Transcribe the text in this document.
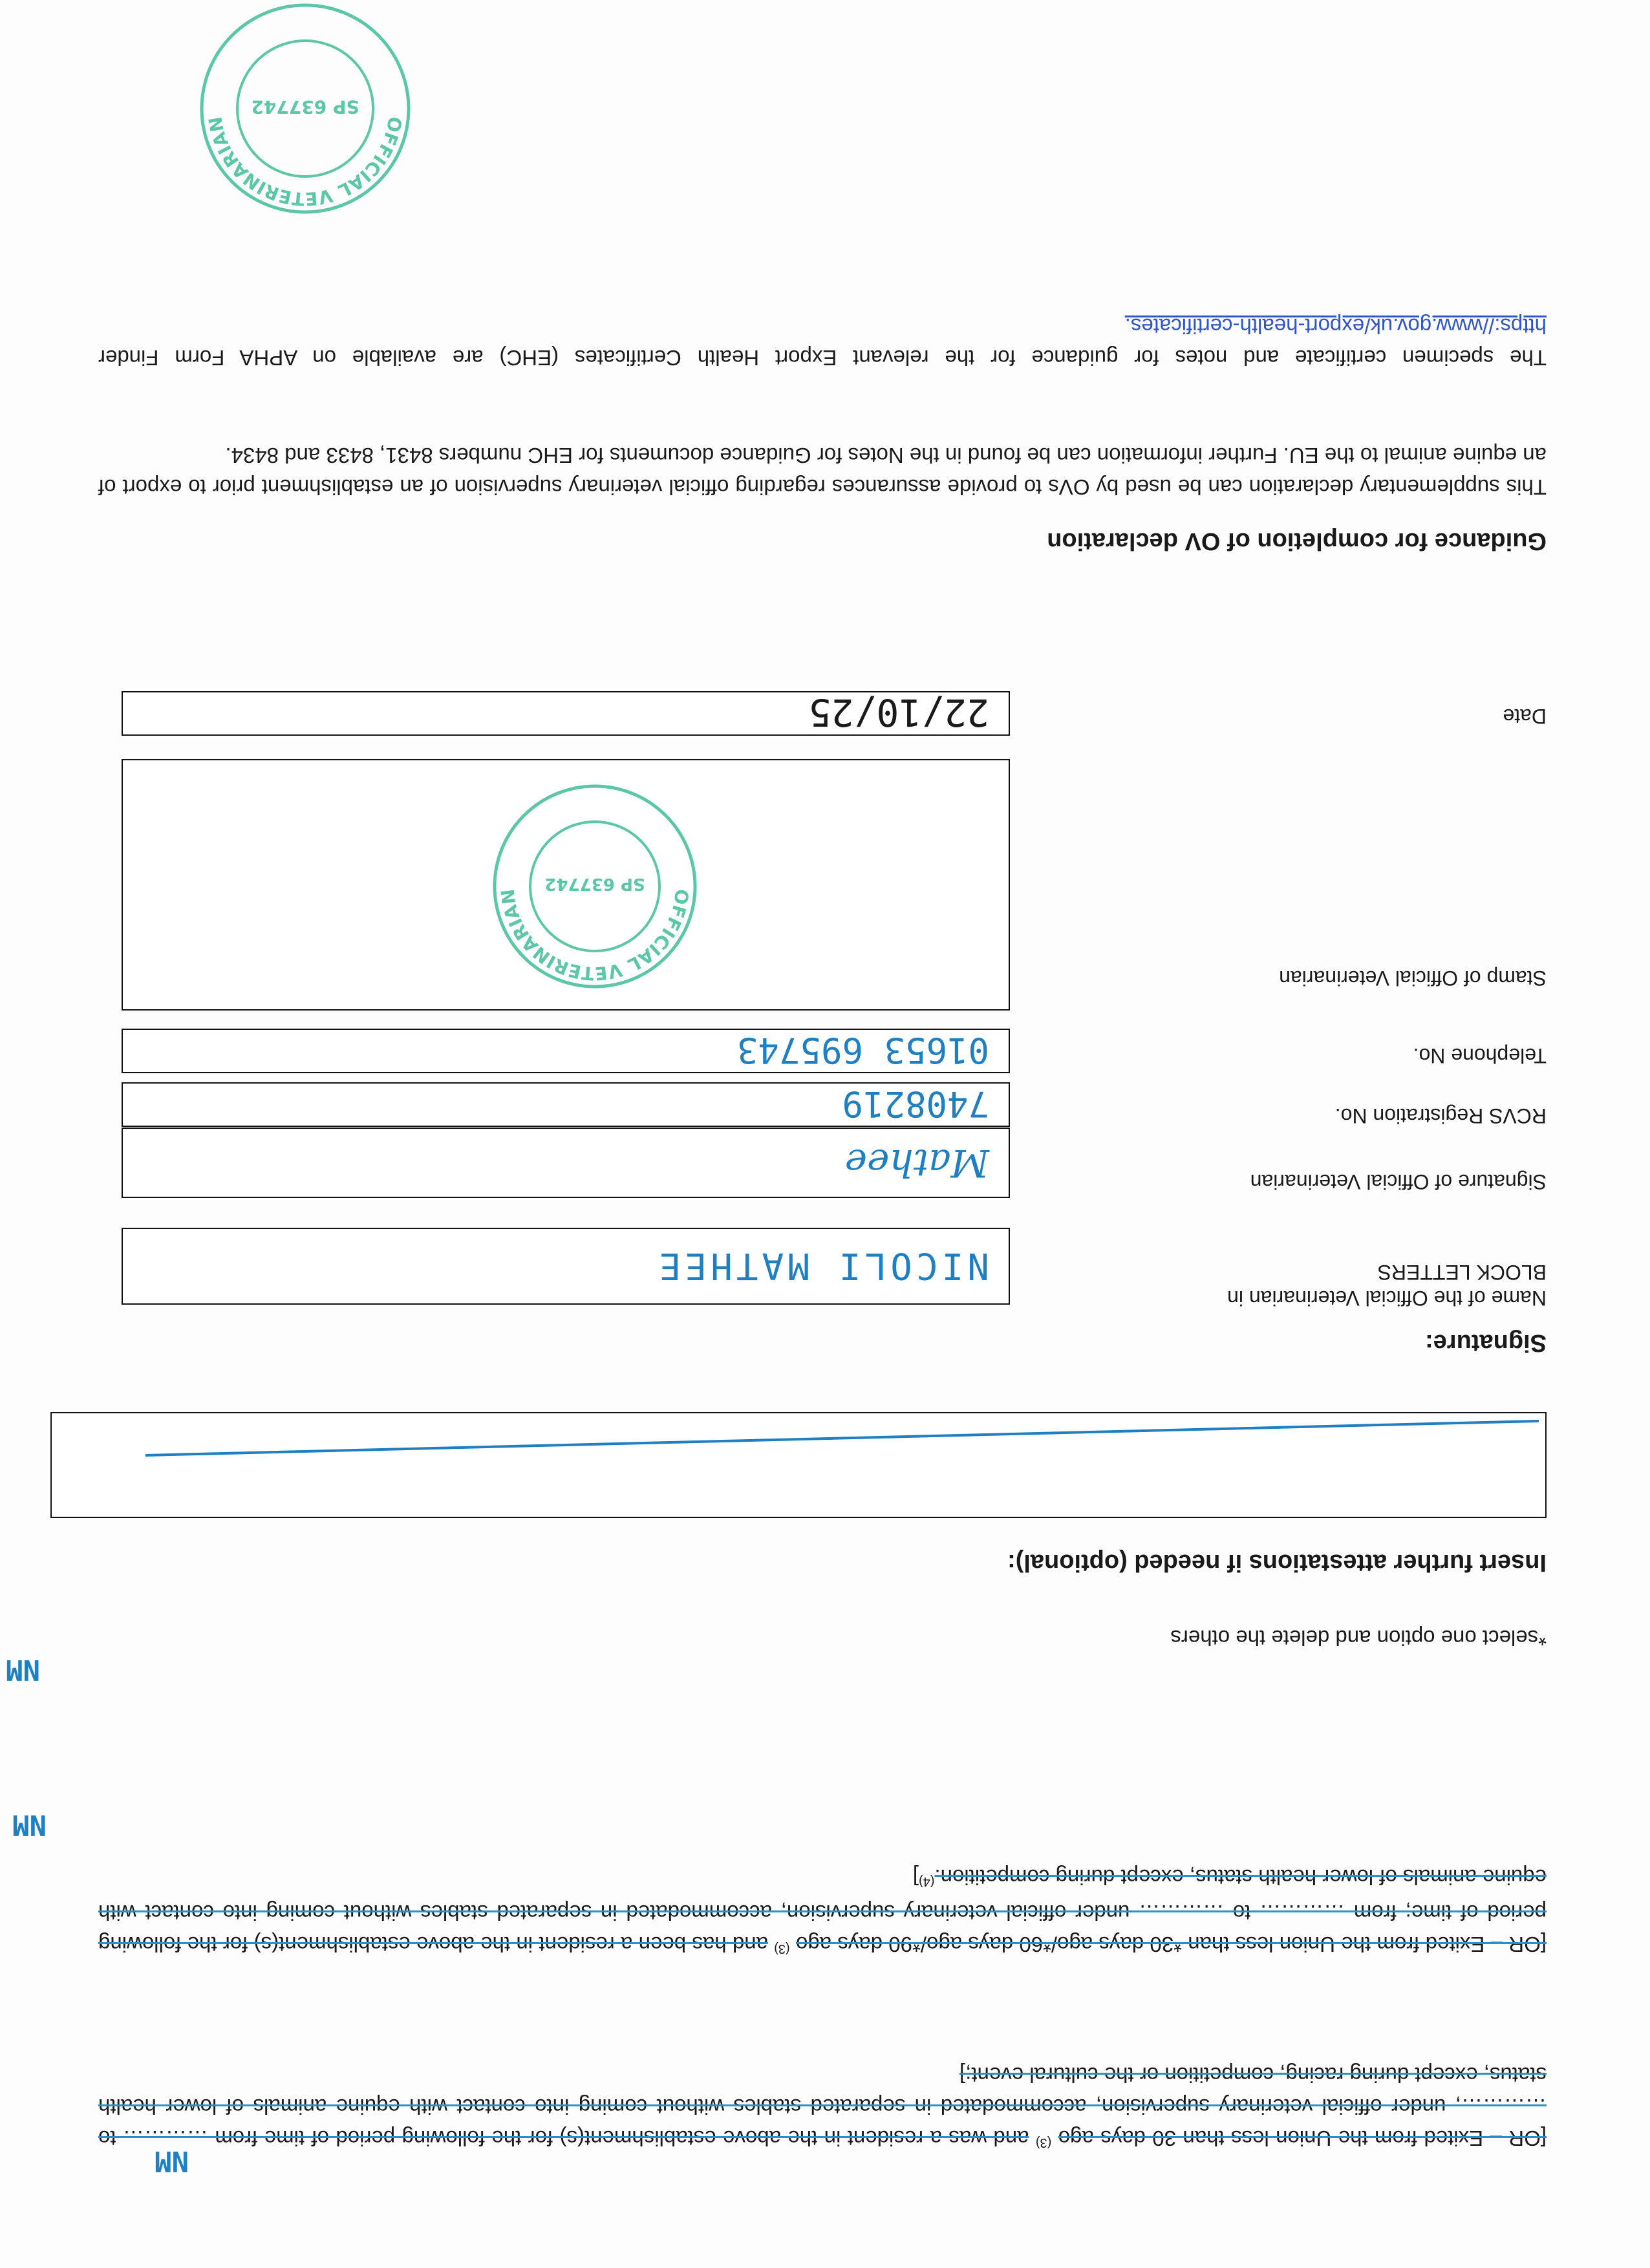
[OR – Exited from the Union less than 30 days ago $^{(3)}$ and was a resident in the above establishment(s) for the following period of time from ………… to …………, under official veterinary supervision, accommodated in separated stables without coming into contact with equine animals of lower health status, except during racing, competition or the cultural event;]

NM

[OR – Exited from the Union less than *30 days ago/*60 days ago/*90 days ago $^{(3)}$ and has been a resident in the above establishment(s) for the following period of time; from ………… to ………… under official veterinary supervision, accommodated in separated stables without coming into contact with equine animals of lower health status, except during competition.$^{(4)}$]

NM
*select one option and delete the others
NM
Insert further attestations if needed (optional):
Signature:
Name of the Official Veterinarian in BLOCK LETTERS
NICOLI MATHEE
Signature of Official Veterinarian
Mathee
RCVS Registration No.
7408219
Telephone No.
01653 695743
Stamp of Official Veterinarian
OFFICIAL VETERINARIAN
SP 637742
Date
22/10/25
Guidance for completion of OV declaration

This supplementary declaration can be used by OVs to provide assurances regarding official veterinary supervision of an establishment prior to export of an equine animal to the EU. Further information can be found in the Notes for Guidance documents for EHC numbers 8431, 8433 and 8434.

The specimen certificate and notes for guidance for the relevant Export Health Certificates (EHC) are available on APHA Form Finder https://www.gov.uk/export-health-certificates.

OFFICIAL VETERINARIAN
SP 637742
